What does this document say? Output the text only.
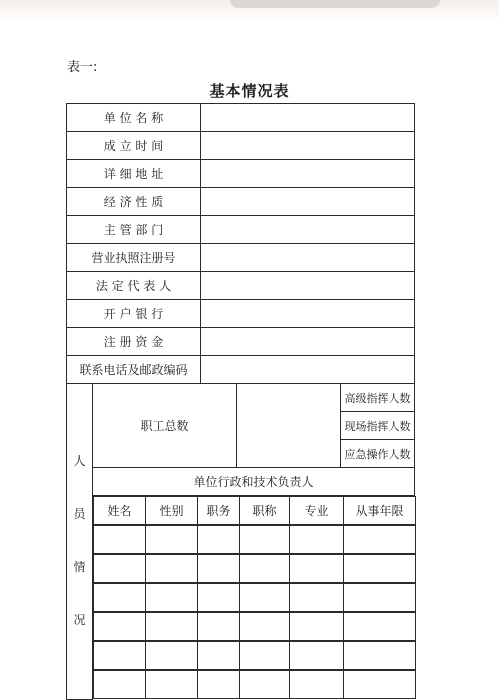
表一:
基本情况表
单 位 名 称	
成 立 时 间	
详 细 地 址	
经 济 性 质	
主 管 部 门	
营业执照注册号	
法 定 代 表 人	
开 户 银 行	
注 册 资 金	
联系电话及邮政编码	

人
员
情
况
	职工总数		高级指挥人数
现场指挥人数
应急操作人数
单位行政和技术负责人

姓名	性别	职务	职称	专业	从事年限
